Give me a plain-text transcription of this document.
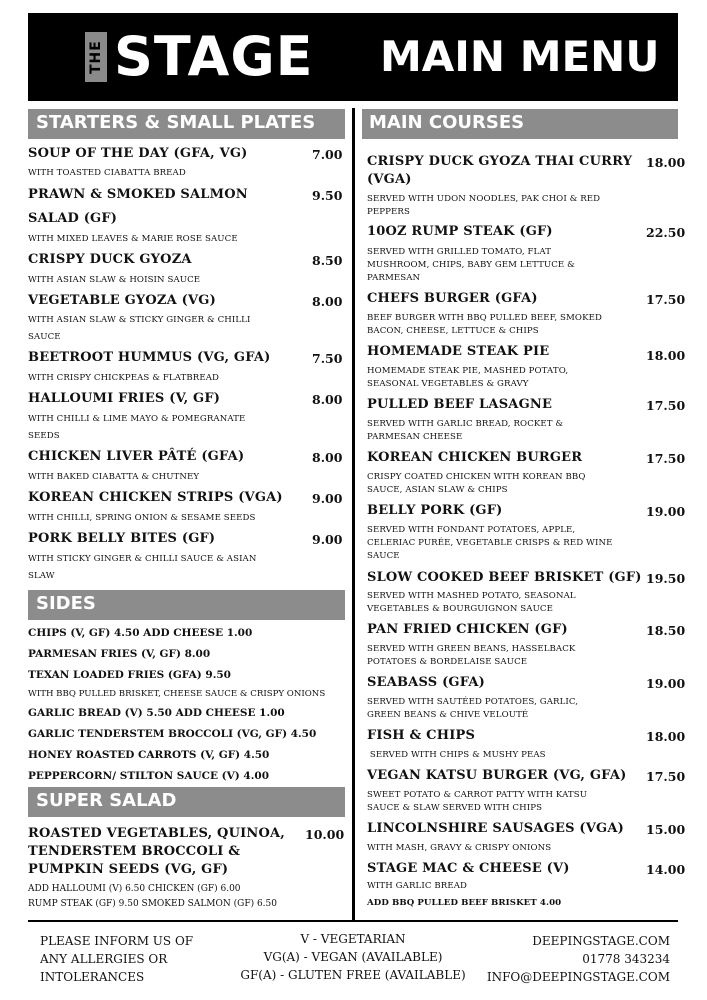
THE STAGE MAIN MENU
STARTERS & SMALL PLATES
SOUP OF THE DAY (GFA, VG)	7.00
WITH TOASTED CIABATTA BREAD
PRAWN & SMOKED SALMON
SALAD (GF)
9.50
WITH MIXED LEAVES & MARIE ROSE SAUCE
CRISPY DUCK GYOZA	8.50
WITH ASIAN SLAW & HOISIN SAUCE
VEGETABLE GYOZA (VG)	8.00
WITH ASIAN SLAW & STICKY GINGER & CHILLI
SAUCE
BEETROOT HUMMUS (VG, GFA)	7.50
WITH CRISPY CHICKPEAS & FLATBREAD
HALLOUMI FRIES (V, GF)	8.00
WITH CHILLI & LIME MAYO & POMEGRANATE
SEEDS
CHICKEN LIVER PÂTÉ (GFA)	8.00
WITH BAKED CIABATTA & CHUTNEY
KOREAN CHICKEN STRIPS (VGA) 9.00
WITH CHILLI, SPRING ONION & SESAME SEEDS
PORK BELLY BITES (GF)	9.00
WITH STICKY GINGER & CHILLI SAUCE & ASIAN
SLAW
SIDES
CHIPS (V, GF) 4.50 ADD CHEESE 1.00
PARMESAN FRIES (V, GF) 8.00
TEXAN LOADED FRIES (GFA) 9.50
WITH BBQ PULLED BRISKET, CHEESE SAUCE & CRISPY ONIONS
GARLIC BREAD (V) 5.50 ADD CHEESE 1.00
GARLIC TENDERSTEM BROCCOLI (VG, GF) 4.50
HONEY ROASTED CARROTS (V, GF) 4.50
PEPPERCORN/ STILTON SAUCE (V) 4.00
SUPER SALAD
ROASTED VEGETABLES, QUINOA,
TENDERSTEM BROCCOLI &
PUMPKIN SEEDS (VG, GF)
10.00
ADD HALLOUMI (V) 6.50 CHICKEN (GF) 6.00
RUMP STEAK (GF) 9.50 SMOKED SALMON (GF) 6.50
MAIN COURSES
CRISPY DUCK GYOZA THAI CURRY
(VGA)
18.00
SERVED WITH UDON NOODLES, PAK CHOI & RED
PEPPERS
10OZ RUMP STEAK (GF)	22.50
SERVED WITH GRILLED TOMATO, FLAT
MUSHROOM, CHIPS, BABY GEM LETTUCE &
PARMESAN
CHEFS BURGER (GFA)	17.50
BEEF BURGER WITH BBQ PULLED BEEF, SMOKED
BACON, CHEESE, LETTUCE & CHIPS
HOMEMADE STEAK PIE	18.00
HOMEMADE STEAK PIE, MASHED POTATO,
SEASONAL VEGETABLES & GRAVY
PULLED BEEF LASAGNE	17.50
SERVED WITH GARLIC BREAD, ROCKET &
PARMESAN CHEESE
KOREAN CHICKEN BURGER	17.50
CRISPY COATED CHICKEN WITH KOREAN BBQ
SAUCE, ASIAN SLAW & CHIPS
BELLY PORK (GF)	19.00
SERVED WITH FONDANT POTATOES, APPLE,
CELERIAC PURÉE, VEGETABLE CRISPS & RED WINE
SAUCE
SLOW COOKED BEEF BRISKET (GF) 19.50
SERVED WITH MASHED POTATO, SEASONAL
VEGETABLES & BOURGUIGNON SAUCE
PAN FRIED CHICKEN (GF)	18.50
SERVED WITH GREEN BEANS, HASSELBACK
POTATOES & BORDELAISE SAUCE
SEABASS (GFA)	19.00
SERVED WITH SAUTÉED POTATOES, GARLIC,
GREEN BEANS & CHIVE VELOUTÉ
FISH & CHIPS	18.00
SERVED WITH CHIPS & MUSHY PEAS
VEGAN KATSU BURGER (VG, GFA) 17.50
SWEET POTATO & CARROT PATTY WITH KATSU
SAUCE & SLAW SERVED WITH CHIPS
LINCOLNSHIRE SAUSAGES (VGA) 15.00
WITH MASH, GRAVY & CRISPY ONIONS
STAGE MAC & CHEESE (V)	14.00
WITH GARLIC BREAD
ADD BBQ PULLED BEEF BRISKET 4.00
PLEASE INFORM US OF
ANY ALLERGIES OR
INTOLERANCES
V - VEGETARIAN
VG(A) - VEGAN (AVAILABLE)
GF(A) - GLUTEN FREE (AVAILABLE)
DEEPINGSTAGE.COM
01778 343234
INFO@DEEPINGSTAGE.COM
